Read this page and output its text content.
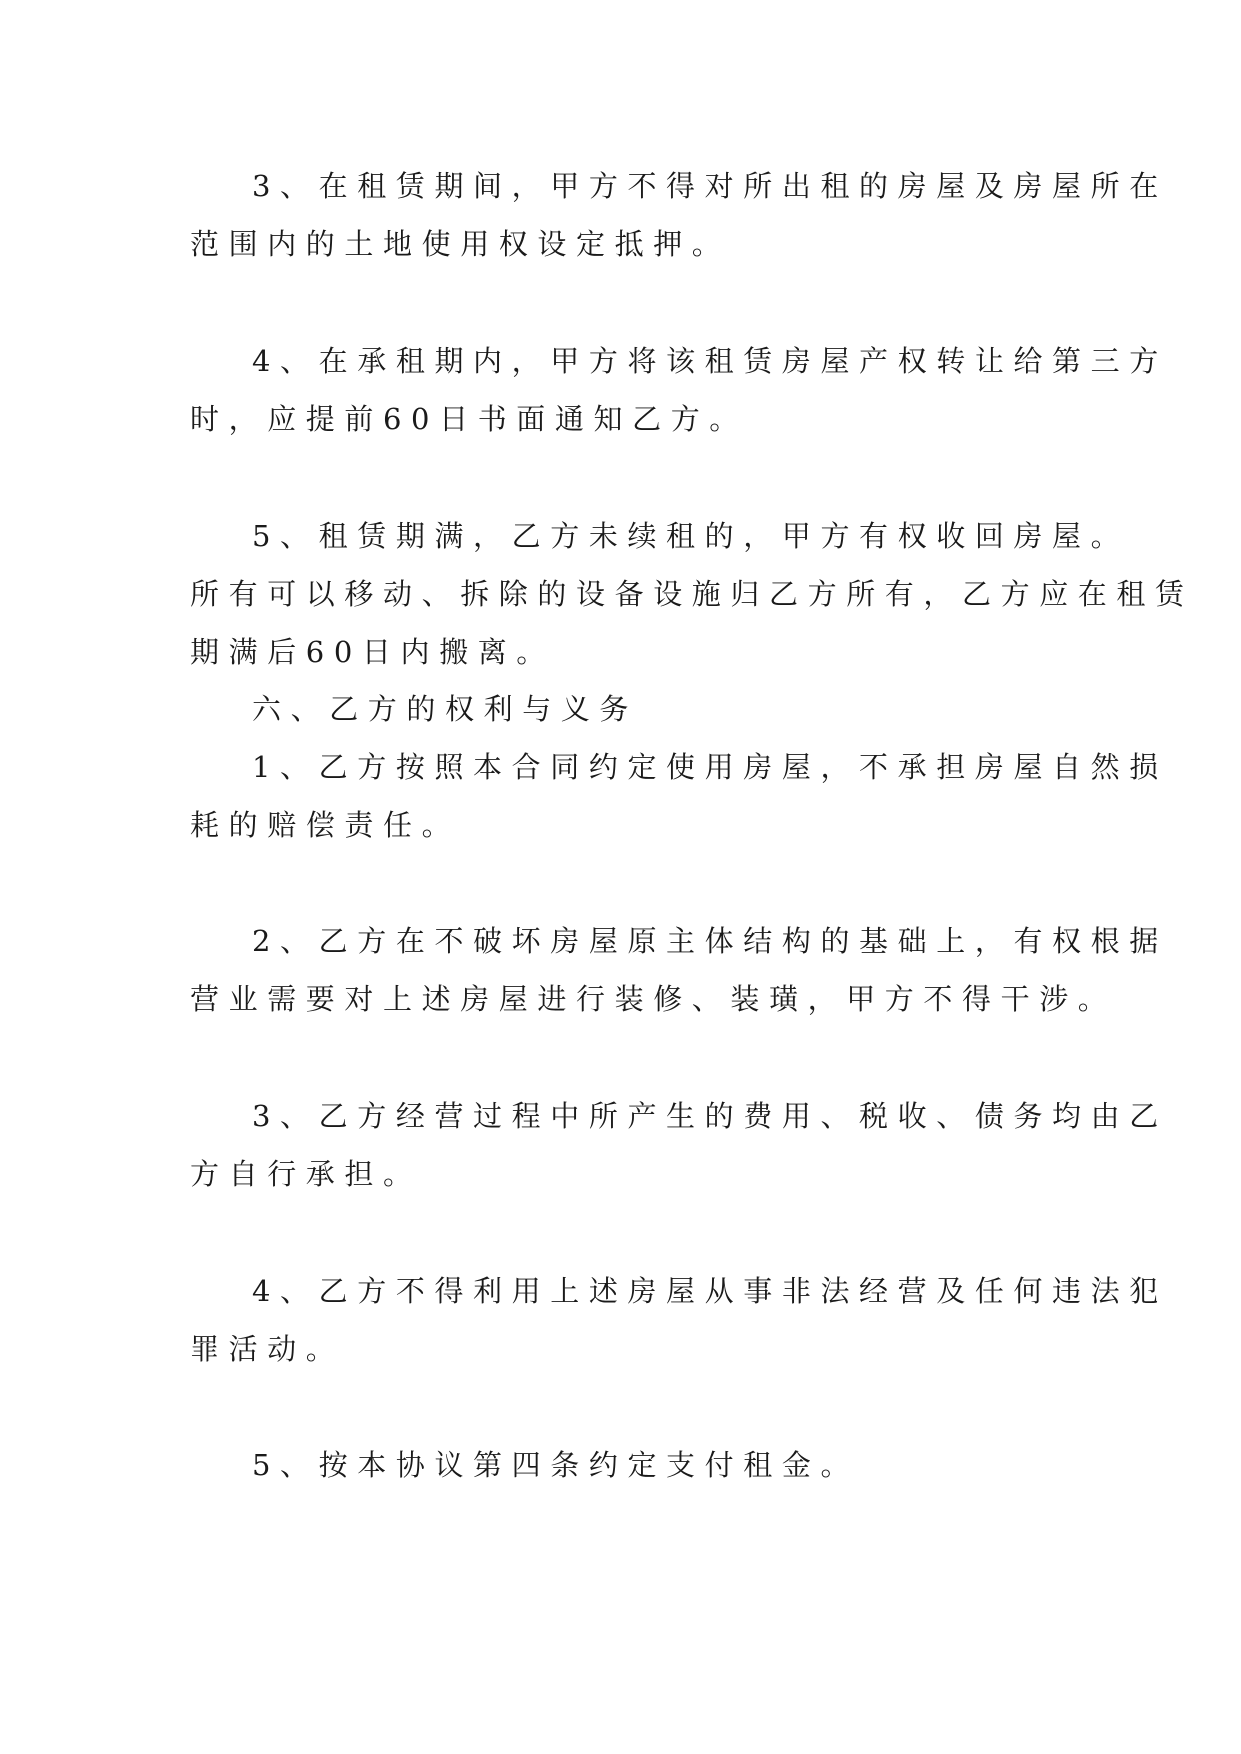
3、在租赁期间，甲方不得对所出租的房屋及房屋所在

范围内的土地使用权设定抵押。

4、在承租期内，甲方将该租赁房屋产权转让给第三方

时，应提前60日书面通知乙方。

5、租赁期满，乙方未续租的，甲方有权收回房屋。

所有可以移动、拆除的设备设施归乙方所有，乙方应在租赁

期满后60日内搬离。

六、乙方的权利与义务

1、乙方按照本合同约定使用房屋，不承担房屋自然损

耗的赔偿责任。

2、乙方在不破坏房屋原主体结构的基础上，有权根据

营业需要对上述房屋进行装修、装璜，甲方不得干涉。

3、乙方经营过程中所产生的费用、税收、债务均由乙

方自行承担。

4、乙方不得利用上述房屋从事非法经营及任何违法犯

罪活动。

5、按本协议第四条约定支付租金。
